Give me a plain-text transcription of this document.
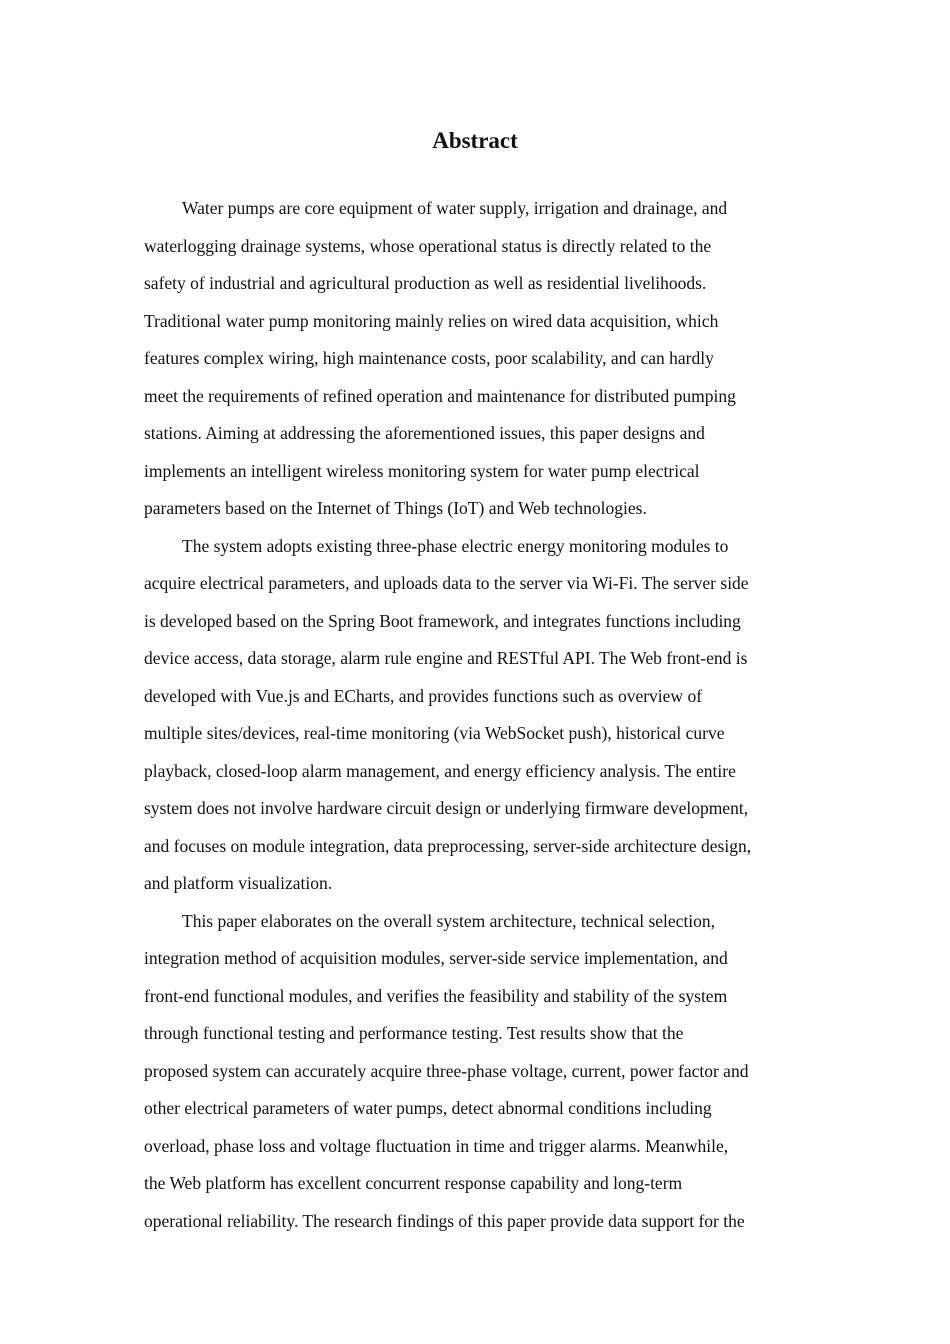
Abstract

Water pumps are core equipment of water supply, irrigation and drainage, and
waterlogging drainage systems, whose operational status is directly related to the
safety of industrial and agricultural production as well as residential livelihoods.
Traditional water pump monitoring mainly relies on wired data acquisition, which
features complex wiring, high maintenance costs, poor scalability, and can hardly
meet the requirements of refined operation and maintenance for distributed pumping
stations. Aiming at addressing the aforementioned issues, this paper designs and
implements an intelligent wireless monitoring system for water pump electrical
parameters based on the Internet of Things (IoT) and Web technologies.

The system adopts existing three-phase electric energy monitoring modules to
acquire electrical parameters, and uploads data to the server via Wi-Fi. The server side
is developed based on the Spring Boot framework, and integrates functions including
device access, data storage, alarm rule engine and RESTful API. The Web front-end is
developed with Vue.js and ECharts, and provides functions such as overview of
multiple sites/devices, real-time monitoring (via WebSocket push), historical curve
playback, closed-loop alarm management, and energy efficiency analysis. The entire
system does not involve hardware circuit design or underlying firmware development,
and focuses on module integration, data preprocessing, server-side architecture design,
and platform visualization.

This paper elaborates on the overall system architecture, technical selection,
integration method of acquisition modules, server-side service implementation, and
front-end functional modules, and verifies the feasibility and stability of the system
through functional testing and performance testing. Test results show that the
proposed system can accurately acquire three-phase voltage, current, power factor and
other electrical parameters of water pumps, detect abnormal conditions including
overload, phase loss and voltage fluctuation in time and trigger alarms. Meanwhile,
the Web platform has excellent concurrent response capability and long-term
operational reliability. The research findings of this paper provide data support for the
